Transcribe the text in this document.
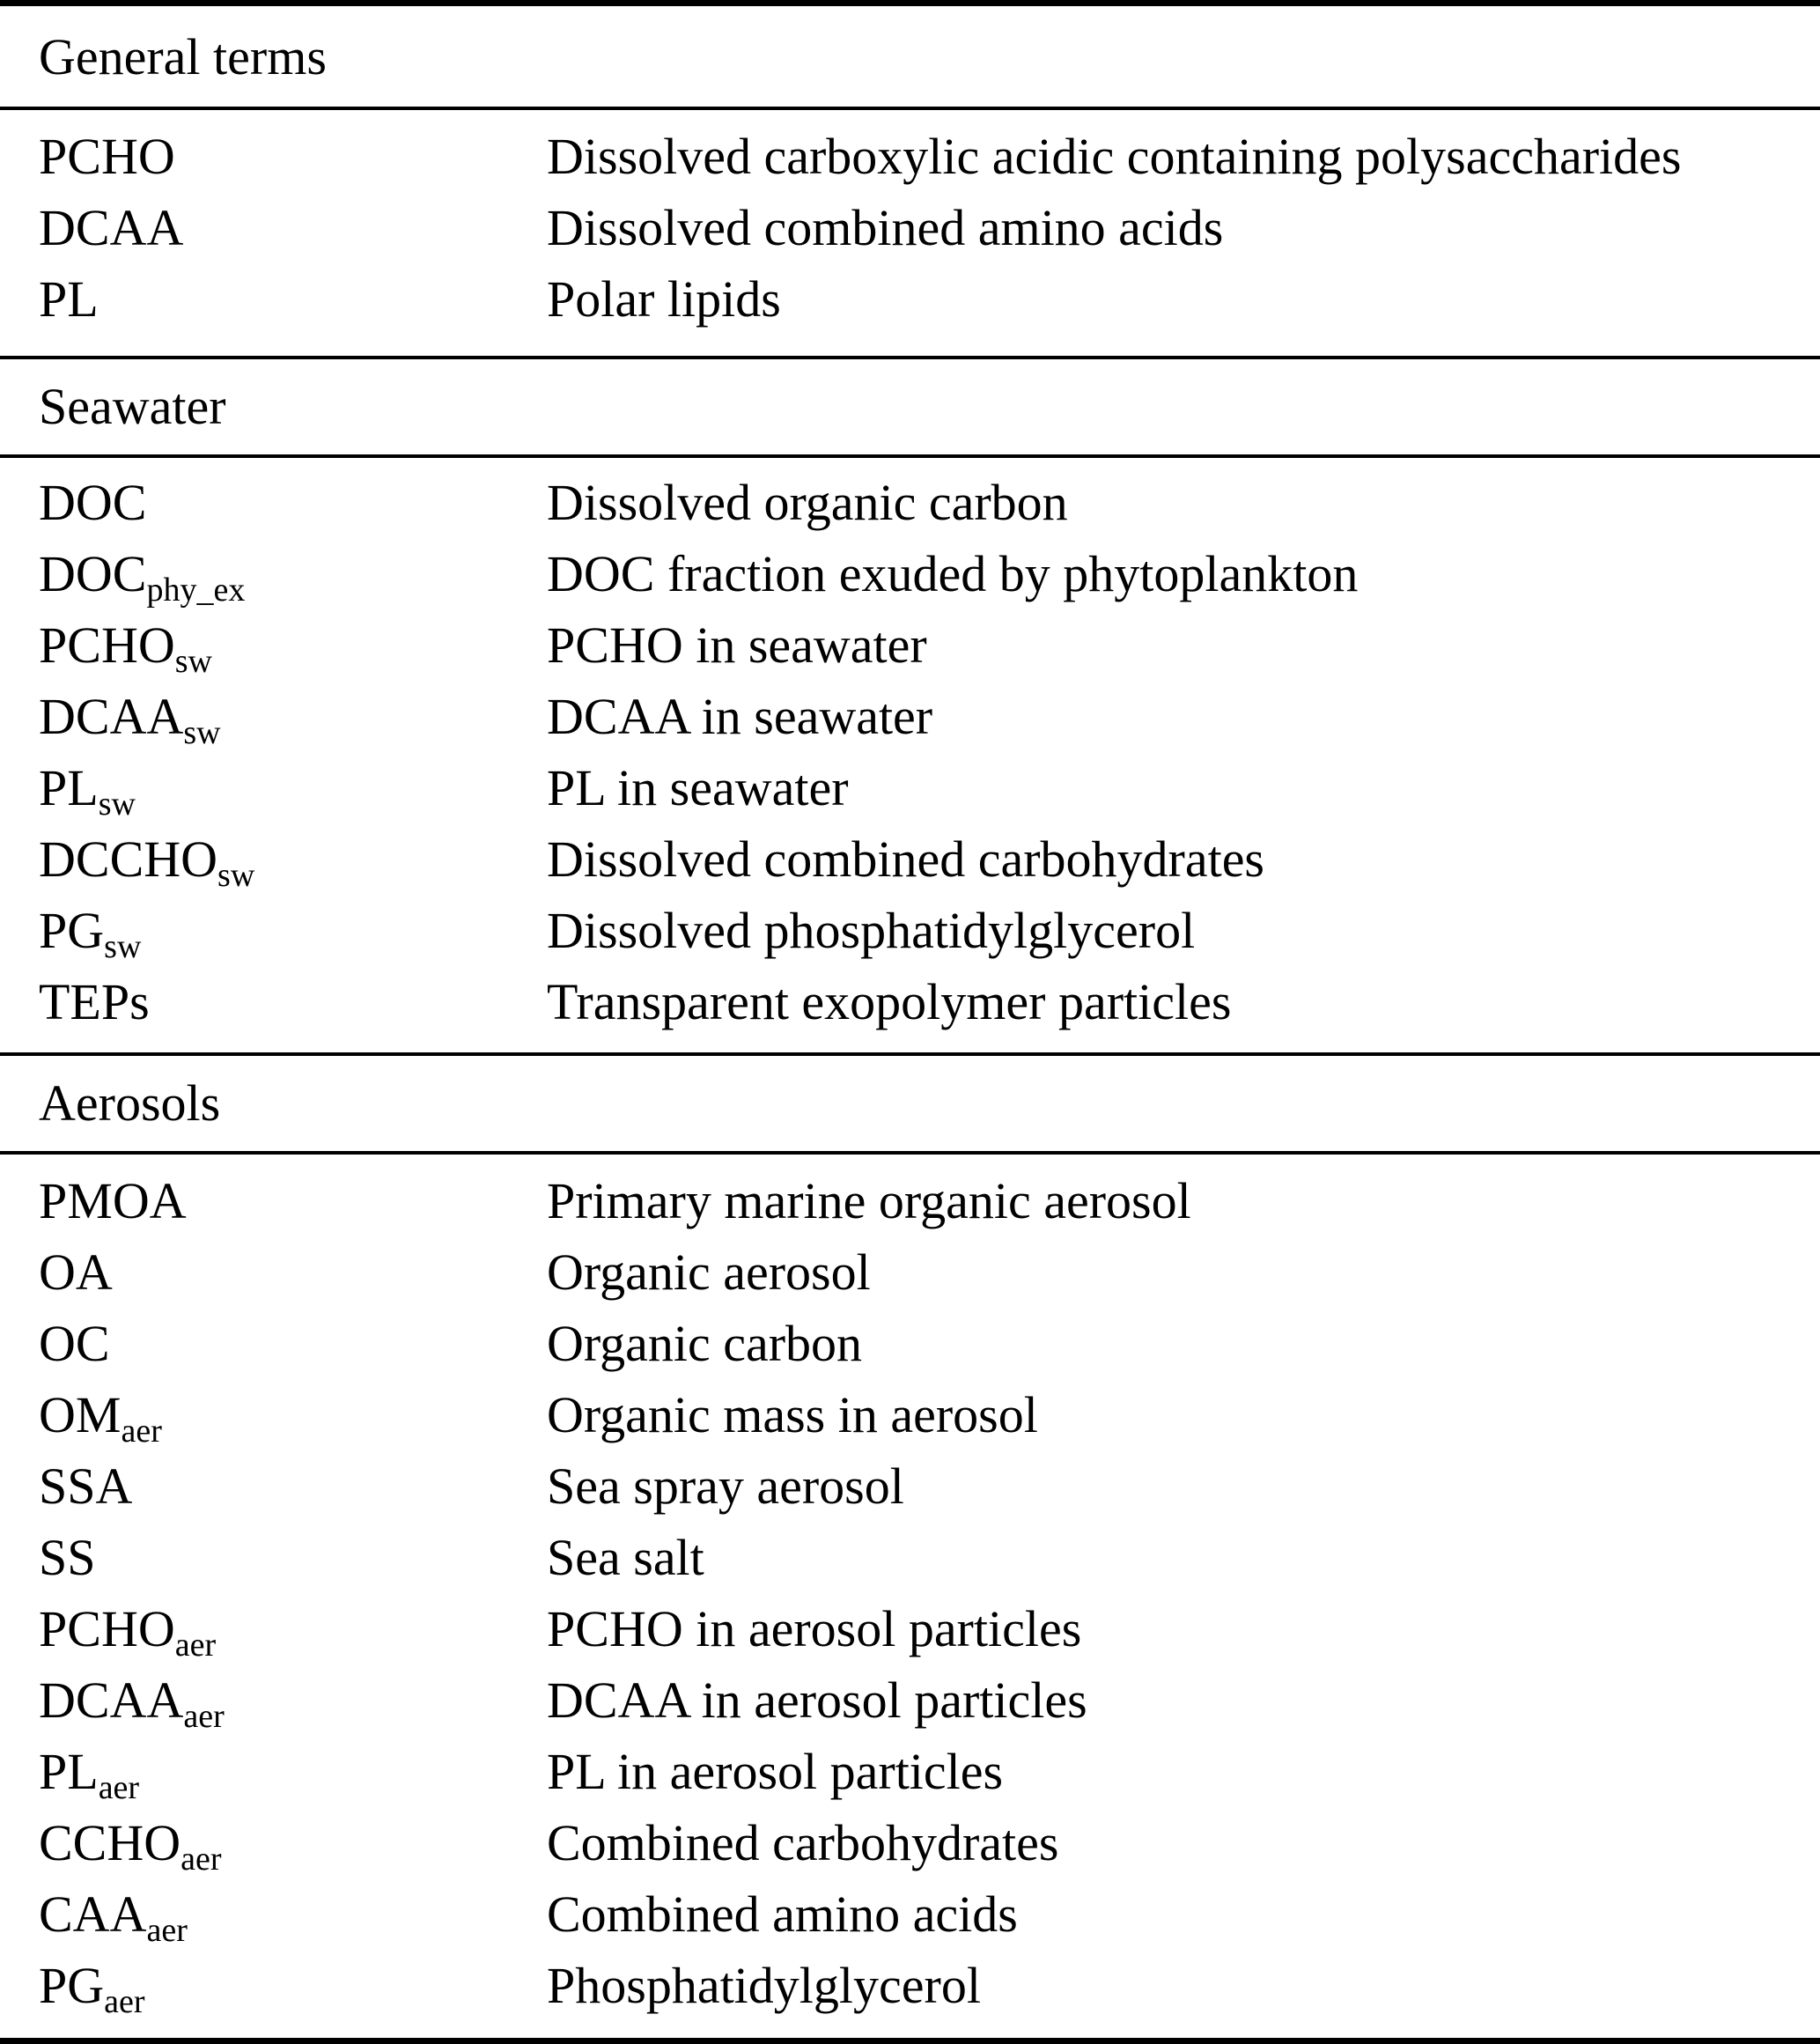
General terms
PCHO	Dissolved carboxylic acidic containing polysaccharides
DCAA	Dissolved combined amino acids
PL	Polar lipids
Seawater
DOC	Dissolved organic carbon
DOCphy_ex	DOC fraction exuded by phytoplankton
PCHOsw	PCHO in seawater
DCAAsw	DCAA in seawater
PLsw	PL in seawater
DCCHOsw	Dissolved combined carbohydrates
PGsw	Dissolved phosphatidylglycerol
TEPs	Transparent exopolymer particles
Aerosols
PMOA	Primary marine organic aerosol
OA	Organic aerosol
OC	Organic carbon
OMaer	Organic mass in aerosol
SSA	Sea spray aerosol
SS	Sea salt
PCHOaer	PCHO in aerosol particles
DCAAaer	DCAA in aerosol particles
PLaer	PL in aerosol particles
CCHOaer	Combined carbohydrates
CAAaer	Combined amino acids
PGaer	Phosphatidylglycerol
